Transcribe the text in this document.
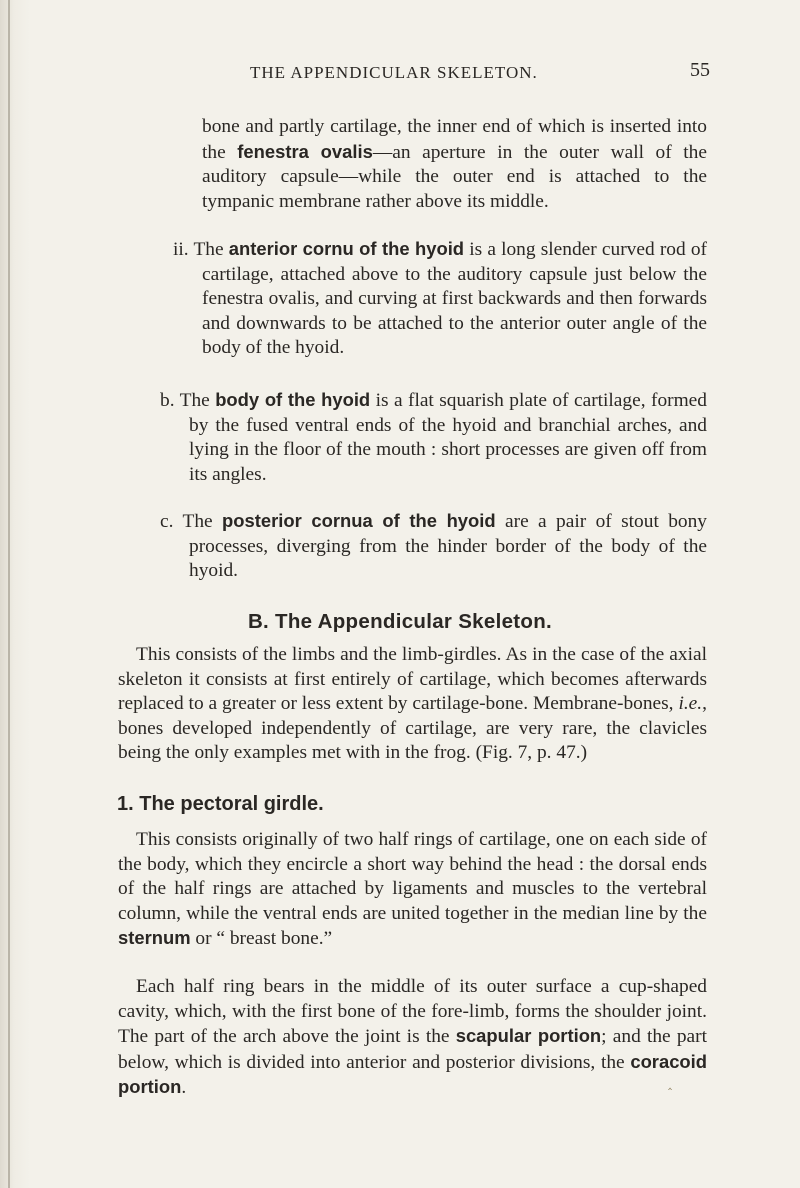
THE APPENDICULAR SKELETON.	55

bone and partly cartilage, the inner end of which is inserted into the fenestra ovalis—an aperture in the outer wall of the auditory capsule—while the outer end is attached to the tympanic membrane rather above its middle.

ii. The anterior cornu of the hyoid is a long slender curved rod of cartilage, attached above to the auditory capsule just below the fenestra ovalis, and curving at first backwards and then forwards and downwards to be attached to the anterior outer angle of the body of the hyoid.

b. The body of the hyoid is a flat squarish plate of cartilage, formed by the fused ventral ends of the hyoid and branchial arches, and lying in the floor of the mouth : short processes are given off from its angles.

c. The posterior cornua of the hyoid are a pair of stout bony processes, diverging from the hinder border of the body of the hyoid.

B. The Appendicular Skeleton.

This consists of the limbs and the limb-girdles. As in the case of the axial skeleton it consists at first entirely of cartilage, which becomes afterwards replaced to a greater or less extent by cartilage-bone. Membrane-bones, i.e., bones developed independently of cartilage, are very rare, the clavicles being the only examples met with in the frog. (Fig. 7, p. 47.)

1. The pectoral girdle.

This consists originally of two half rings of cartilage, one on each side of the body, which they encircle a short way behind the head : the dorsal ends of the half rings are attached by ligaments and muscles to the vertebral column, while the ventral ends are united together in the median line by the sternum or “ breast bone.”

Each half ring bears in the middle of its outer surface a cup-shaped cavity, which, with the first bone of the fore-limb, forms the shoulder joint. The part of the arch above the joint is the scapular portion; and the part below, which is divided into anterior and posterior divisions, the coracoid portion.	‸
